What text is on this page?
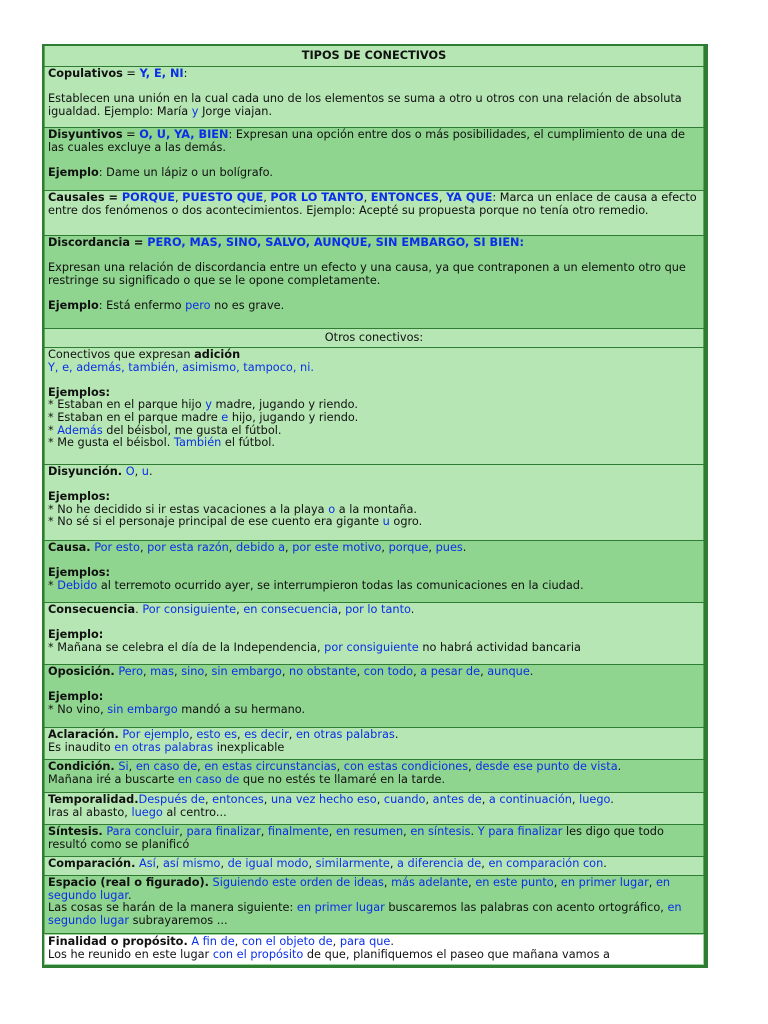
TIPOS DE CONECTIVOS

Copulativos = Y, E, NI:

Establecen una unión en la cual cada uno de los elementos se suma a otro u otros con una relación de absoluta igualdad. Ejemplo: María y Jorge viajan.

Disyuntivos = O, U, YA, BIEN: Expresan una opción entre dos o más posibilidades, el cumplimiento de una de las cuales excluye a las demás.

Ejemplo: Dame un lápiz o un bolígrafo.

Causales = PORQUE, PUESTO QUE, POR LO TANTO, ENTONCES, YA QUE: Marca un enlace de causa a efecto entre dos fenómenos o dos acontecimientos. Ejemplo: Acepté su propuesta porque no tenía otro remedio.

Discordancia = PERO, MAS, SINO, SALVO, AUNQUE, SIN EMBARGO, SI BIEN:

Expresan una relación de discordancia entre un efecto y una causa, ya que contraponen a un elemento otro que restringe su significado o que se le opone completamente.

Ejemplo: Está enfermo pero no es grave.

Otros conectivos:

Conectivos que expresan adición

Y, e, además, también, asimismo, tampoco, ni.

Ejemplos:

* Estaban en el parque hijo y madre, jugando y riendo.

* Estaban en el parque madre e hijo, jugando y riendo.

* Además del béisbol, me gusta el fútbol.

* Me gusta el béisbol. También el fútbol.

Disyunción. O, u.

Ejemplos:

* No he decidido si ir estas vacaciones a la playa o a la montaña.

* No sé si el personaje principal de ese cuento era gigante u ogro.

Causa. Por esto, por esta razón, debido a, por este motivo, porque, pues.

Ejemplos:

* Debido al terremoto ocurrido ayer, se interrumpieron todas las comunicaciones en la ciudad.

Consecuencia. Por consiguiente, en consecuencia, por lo tanto.

Ejemplo:

* Mañana se celebra el día de la Independencia, por consiguiente no habrá actividad bancaria

Oposición. Pero, mas, sino, sin embargo, no obstante, con todo, a pesar de, aunque.

Ejemplo:

* No vino, sin embargo mandó a su hermano.

Aclaración. Por ejemplo, esto es, es decir, en otras palabras.

Es inaudito en otras palabras inexplicable

Condición. Si, en caso de, en estas circunstancias, con estas condiciones, desde ese punto de vista.

Mañana iré a buscarte en caso de que no estés te llamaré en la tarde.

Temporalidad.Después de, entonces, una vez hecho eso, cuando, antes de, a continuación, luego.

Iras al abasto, luego al centro...

Síntesis. Para concluir, para finalizar, finalmente, en resumen, en síntesis. Y para finalizar les digo que todo resultó como se planificó

Comparación. Así, así mismo, de igual modo, similarmente, a diferencia de, en comparación con.

Espacio (real o figurado). Siguiendo este orden de ideas, más adelante, en este punto, en primer lugar, en segundo lugar.

Las cosas se harán de la manera siguiente: en primer lugar buscaremos las palabras con acento ortográfico, en segundo lugar subrayaremos ...

Finalidad o propósito. A fin de, con el objeto de, para que.

Los he reunido en este lugar con el propósito de que, planifiquemos el paseo que mañana vamos a
